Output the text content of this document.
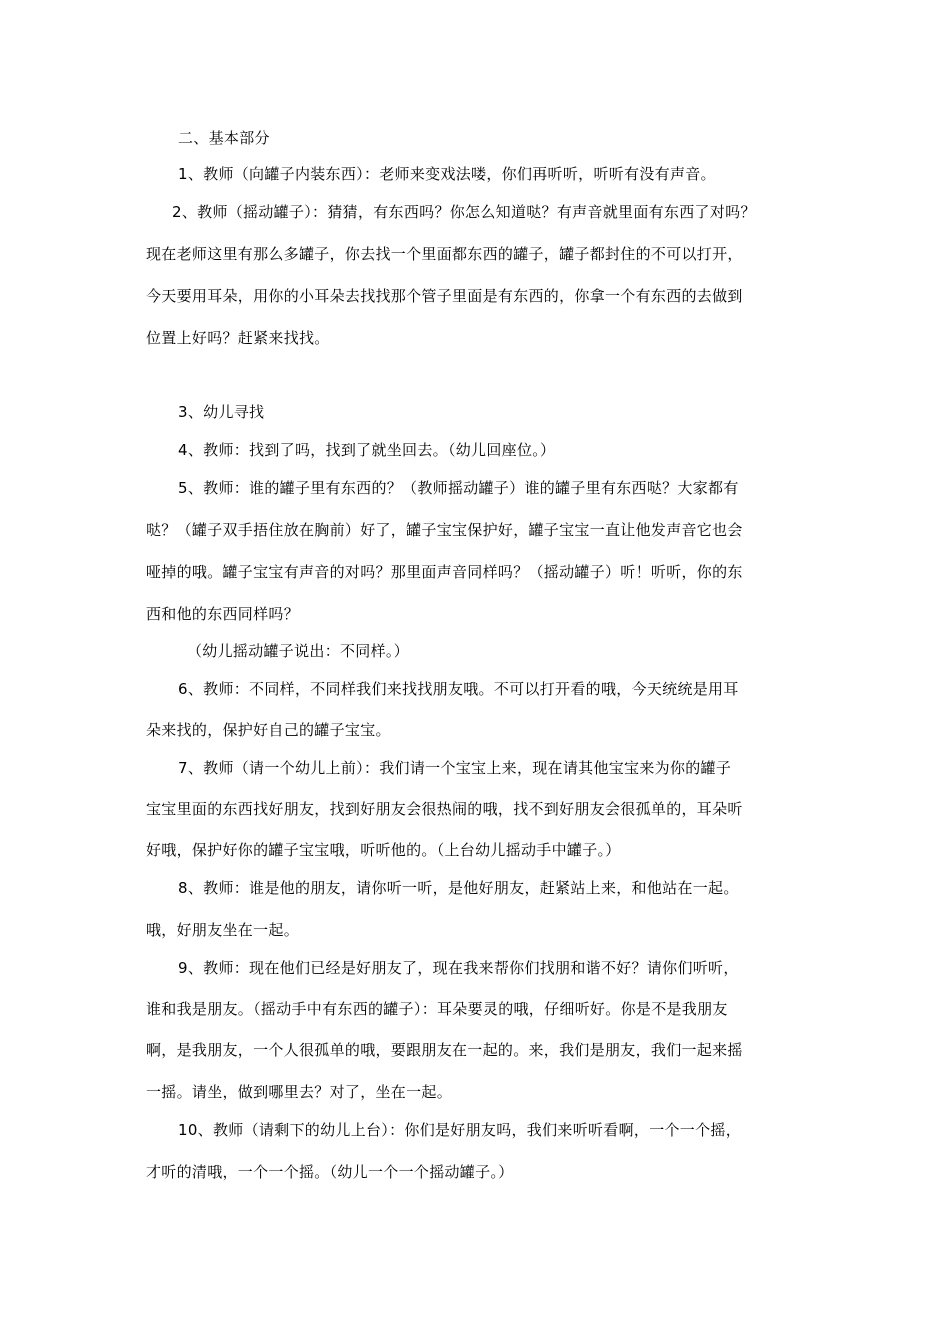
二、基本部分
1、教师（向罐子内装东西）：老师来变戏法喽，你们再听听，听听有没有声音。
2、教师（摇动罐子）：猜猜，有东西吗？你怎么知道哒？有声音就里面有东西了对吗？
现在老师这里有那么多罐子，你去找一个里面都东西的罐子，罐子都封住的不可以打开，
今天要用耳朵，用你的小耳朵去找找那个管子里面是有东西的，你拿一个有东西的去做到
位置上好吗？赶紧来找找。
3、幼儿寻找
4、教师：找到了吗，找到了就坐回去。（幼儿回座位。）
5、教师：谁的罐子里有东西的？（教师摇动罐子）谁的罐子里有东西哒？大家都有
哒？（罐子双手捂住放在胸前）好了，罐子宝宝保护好，罐子宝宝一直让他发声音它也会
哑掉的哦。罐子宝宝有声音的对吗？那里面声音同样吗？（摇动罐子）听！听听，你的东
西和他的东西同样吗？
（幼儿摇动罐子说出：不同样。）
6、教师：不同样，不同样我们来找找朋友哦。不可以打开看的哦，今天统统是用耳
朵来找的，保护好自己的罐子宝宝。
7、教师（请一个幼儿上前）：我们请一个宝宝上来，现在请其他宝宝来为你的罐子
宝宝里面的东西找好朋友，找到好朋友会很热闹的哦，找不到好朋友会很孤单的，耳朵听
好哦，保护好你的罐子宝宝哦，听听他的。（上台幼儿摇动手中罐子。）
8、教师：谁是他的朋友，请你听一听，是他好朋友，赶紧站上来，和他站在一起。
哦，好朋友坐在一起。
9、教师：现在他们已经是好朋友了，现在我来帮你们找朋和谐不好？请你们听听，
谁和我是朋友。（摇动手中有东西的罐子）：耳朵要灵的哦，仔细听好。你是不是我朋友
啊，是我朋友，一个人很孤单的哦，要跟朋友在一起的。来，我们是朋友，我们一起来摇
一摇。请坐，做到哪里去？对了，坐在一起。
10、教师（请剩下的幼儿上台）：你们是好朋友吗，我们来听听看啊，一个一个摇，
才听的清哦，一个一个摇。（幼儿一个一个摇动罐子。）
